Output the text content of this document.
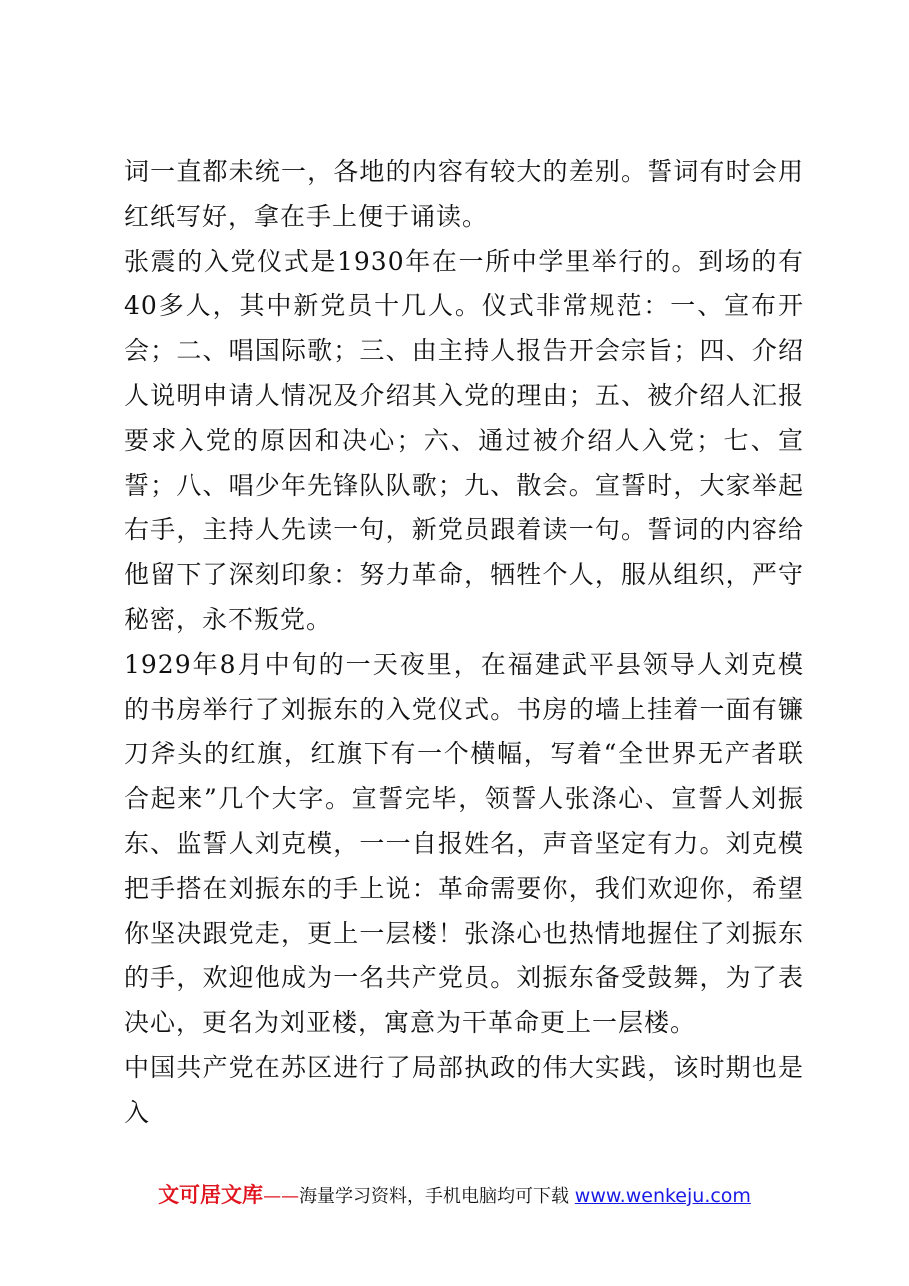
词一直都未统一，各地的内容有较大的差别。誓词有时会用红纸写好，拿在手上便于诵读。

张震的入党仪式是1930年在一所中学里举行的。到场的有40多人，其中新党员十几人。仪式非常规范：一、宣布开会；二、唱国际歌；三、由主持人报告开会宗旨；四、介绍人说明申请人情况及介绍其入党的理由；五、被介绍人汇报要求入党的原因和决心；六、通过被介绍人入党；七、宣誓；八、唱少年先锋队队歌；九、散会。宣誓时，大家举起右手，主持人先读一句，新党员跟着读一句。誓词的内容给他留下了深刻印象：努力革命，牺牲个人，服从组织，严守秘密，永不叛党。

1929年8月中旬的一天夜里，在福建武平县领导人刘克模的书房举行了刘振东的入党仪式。书房的墙上挂着一面有镰刀斧头的红旗，红旗下有一个横幅，写着“全世界无产者联合起来”几个大字。宣誓完毕，领誓人张涤心、宣誓人刘振东、监誓人刘克模，一一自报姓名，声音坚定有力。刘克模把手搭在刘振东的手上说：革命需要你，我们欢迎你，希望你坚决跟党走，更上一层楼！张涤心也热情地握住了刘振东的手，欢迎他成为一名共产党员。刘振东备受鼓舞，为了表决心，更名为刘亚楼，寓意为干革命更上一层楼。

中国共产党在苏区进行了局部执政的伟大实践，该时期也是入

文可居文库——海量学习资料，手机电脑均可下载 www.wenkeju.com
